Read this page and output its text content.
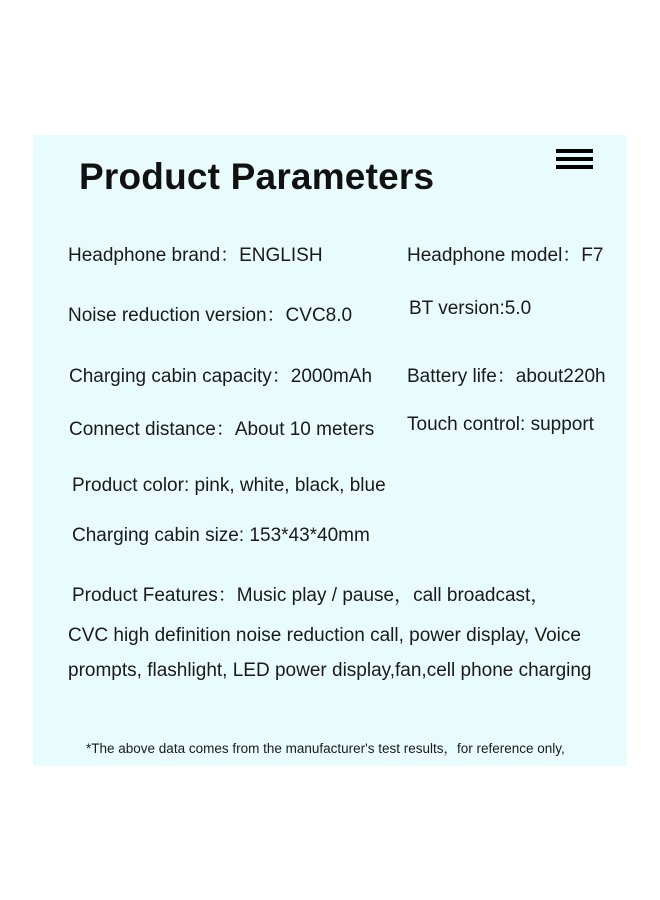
Product Parameters
Headphone brand：ENGLISH	Headphone model：F7
Noise reduction version：CVC8.0	BT version:5.0
Charging cabin capacity：2000mAh Battery life：about220h
Connect distance：About 10 meters Touch control: support
Product color: pink, white, black, blue
Charging cabin size: 153*43*40mm
Product Features：Music play / pause，call broadcast，
CVC high definition noise reduction call, power display, Voice
prompts, flashlight, LED power display,fan,cell phone charging
*The above data comes from the manufacturer's test results，for reference only,
